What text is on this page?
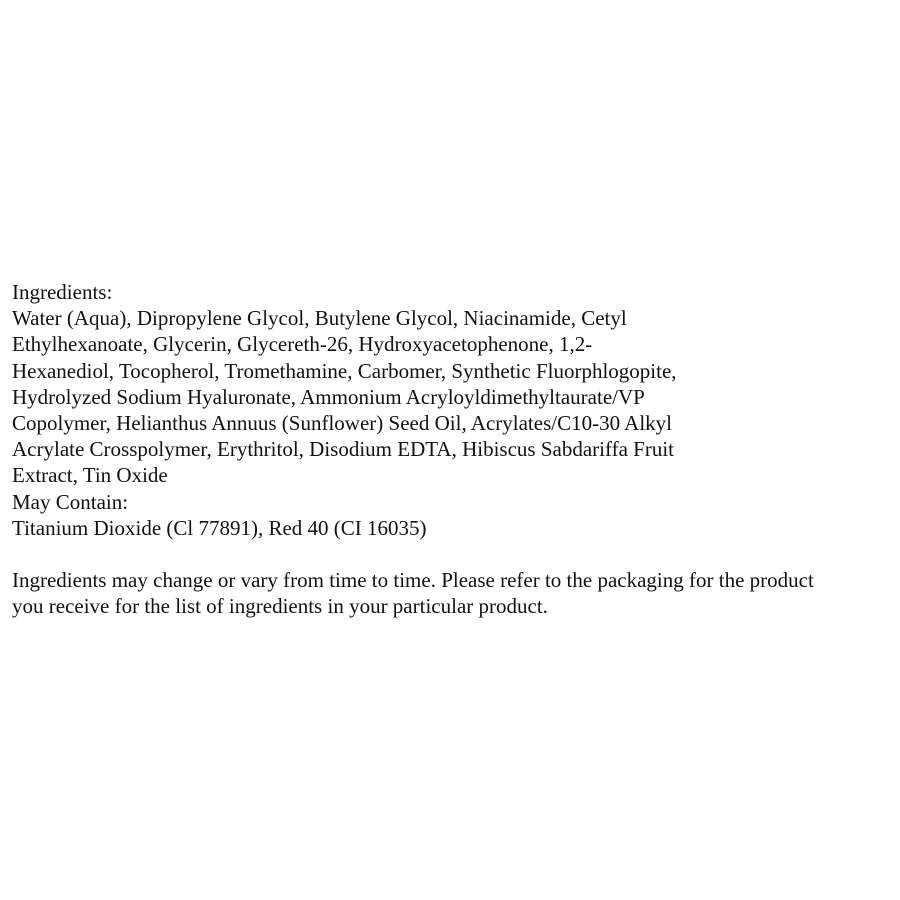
Ingredients:
Water (Aqua), Dipropylene Glycol, Butylene Glycol, Niacinamide, Cetyl
Ethylhexanoate, Glycerin, Glycereth-26, Hydroxyacetophenone, 1,2-
Hexanediol, Tocopherol, Tromethamine, Carbomer, Synthetic Fluorphlogopite,
Hydrolyzed Sodium Hyaluronate, Ammonium Acryloyldimethyltaurate/VP
Copolymer, Helianthus Annuus (Sunflower) Seed Oil, Acrylates/C10-30 Alkyl
Acrylate Crosspolymer, Erythritol, Disodium EDTA, Hibiscus Sabdariffa Fruit
Extract, Tin Oxide
May Contain:
Titanium Dioxide (Cl 77891), Red 40 (CI 16035)
Ingredients may change or vary from time to time. Please refer to the packaging for the product
you receive for the list of ingredients in your particular product.
